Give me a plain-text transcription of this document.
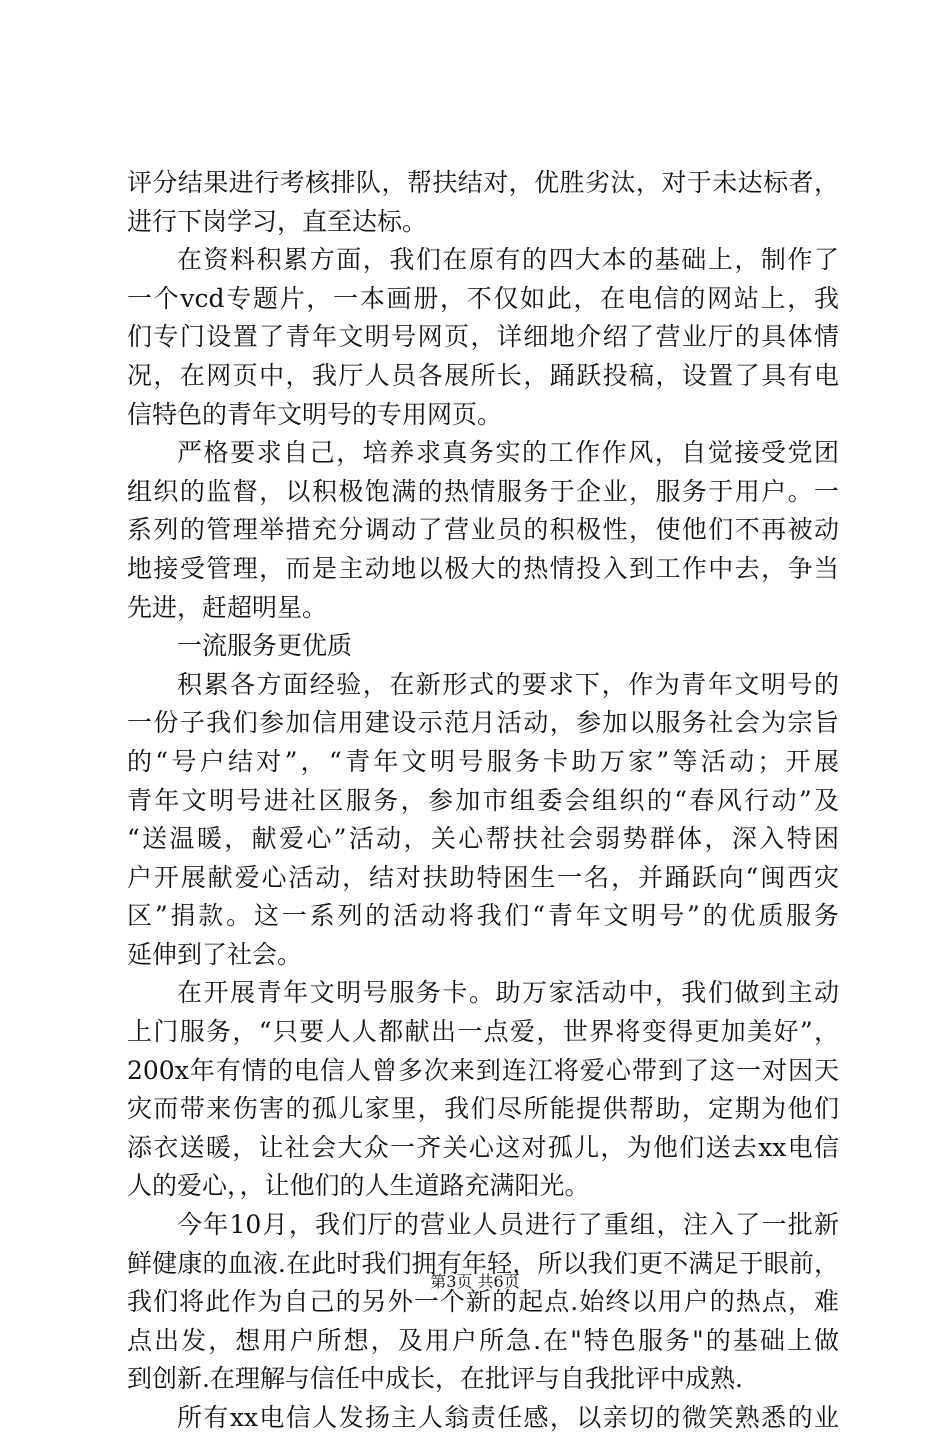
评分结果进行考核排队，帮扶结对，优胜劣汰，对于未达标者，
进行下岗学习，直至达标。
在资料积累方面，我们在原有的四大本的基础上，制作了
一个vcd专题片，一本画册，不仅如此，在电信的网站上，我
们专门设置了青年文明号网页，详细地介绍了营业厅的具体情
况，在网页中，我厅人员各展所长，踊跃投稿，设置了具有电
信特色的青年文明号的专用网页。
严格要求自己，培养求真务实的工作作风，自觉接受党团
组织的监督，以积极饱满的热情服务于企业，服务于用户。一
系列的管理举措充分调动了营业员的积极性，使他们不再被动
地接受管理，而是主动地以极大的热情投入到工作中去，争当
先进，赶超明星。
一流服务更优质
积累各方面经验，在新形式的要求下，作为青年文明号的
一份子我们参加信用建设示范月活动，参加以服务社会为宗旨
的“号户结对”，“青年文明号服务卡助万家”等活动；开展
青年文明号进社区服务，参加市组委会组织的“春风行动”及
“送温暖，献爱心”活动，关心帮扶社会弱势群体，深入特困
户开展献爱心活动，结对扶助特困生一名，并踊跃向“闽西灾
区”捐款。这一系列的活动将我们“青年文明号”的优质服务
延伸到了社会。
在开展青年文明号服务卡。助万家活动中，我们做到主动
上门服务，“只要人人都献出一点爱，世界将变得更加美好”，
200x年有情的电信人曾多次来到连江将爱心带到了这一对因天
灾而带来伤害的孤儿家里，我们尽所能提供帮助，定期为他们
添衣送暖，让社会大众一齐关心这对孤儿，为他们送去xx电信
人的爱心，，让他们的人生道路充满阳光。
今年10月，我们厅的营业人员进行了重组，注入了一批新
鲜健康的血液.在此时我们拥有年轻，所以我们更不满足于眼前，
我们将此作为自己的另外一个新的起点.始终以用户的热点，难
点出发，想用户所想，及用户所急.在"特色服务"的基础上做
到创新.在理解与信任中成长，在批评与自我批评中成熟.
所有xx电信人发扬主人翁责任感，以亲切的微笑熟悉的业
第3页 共6页
